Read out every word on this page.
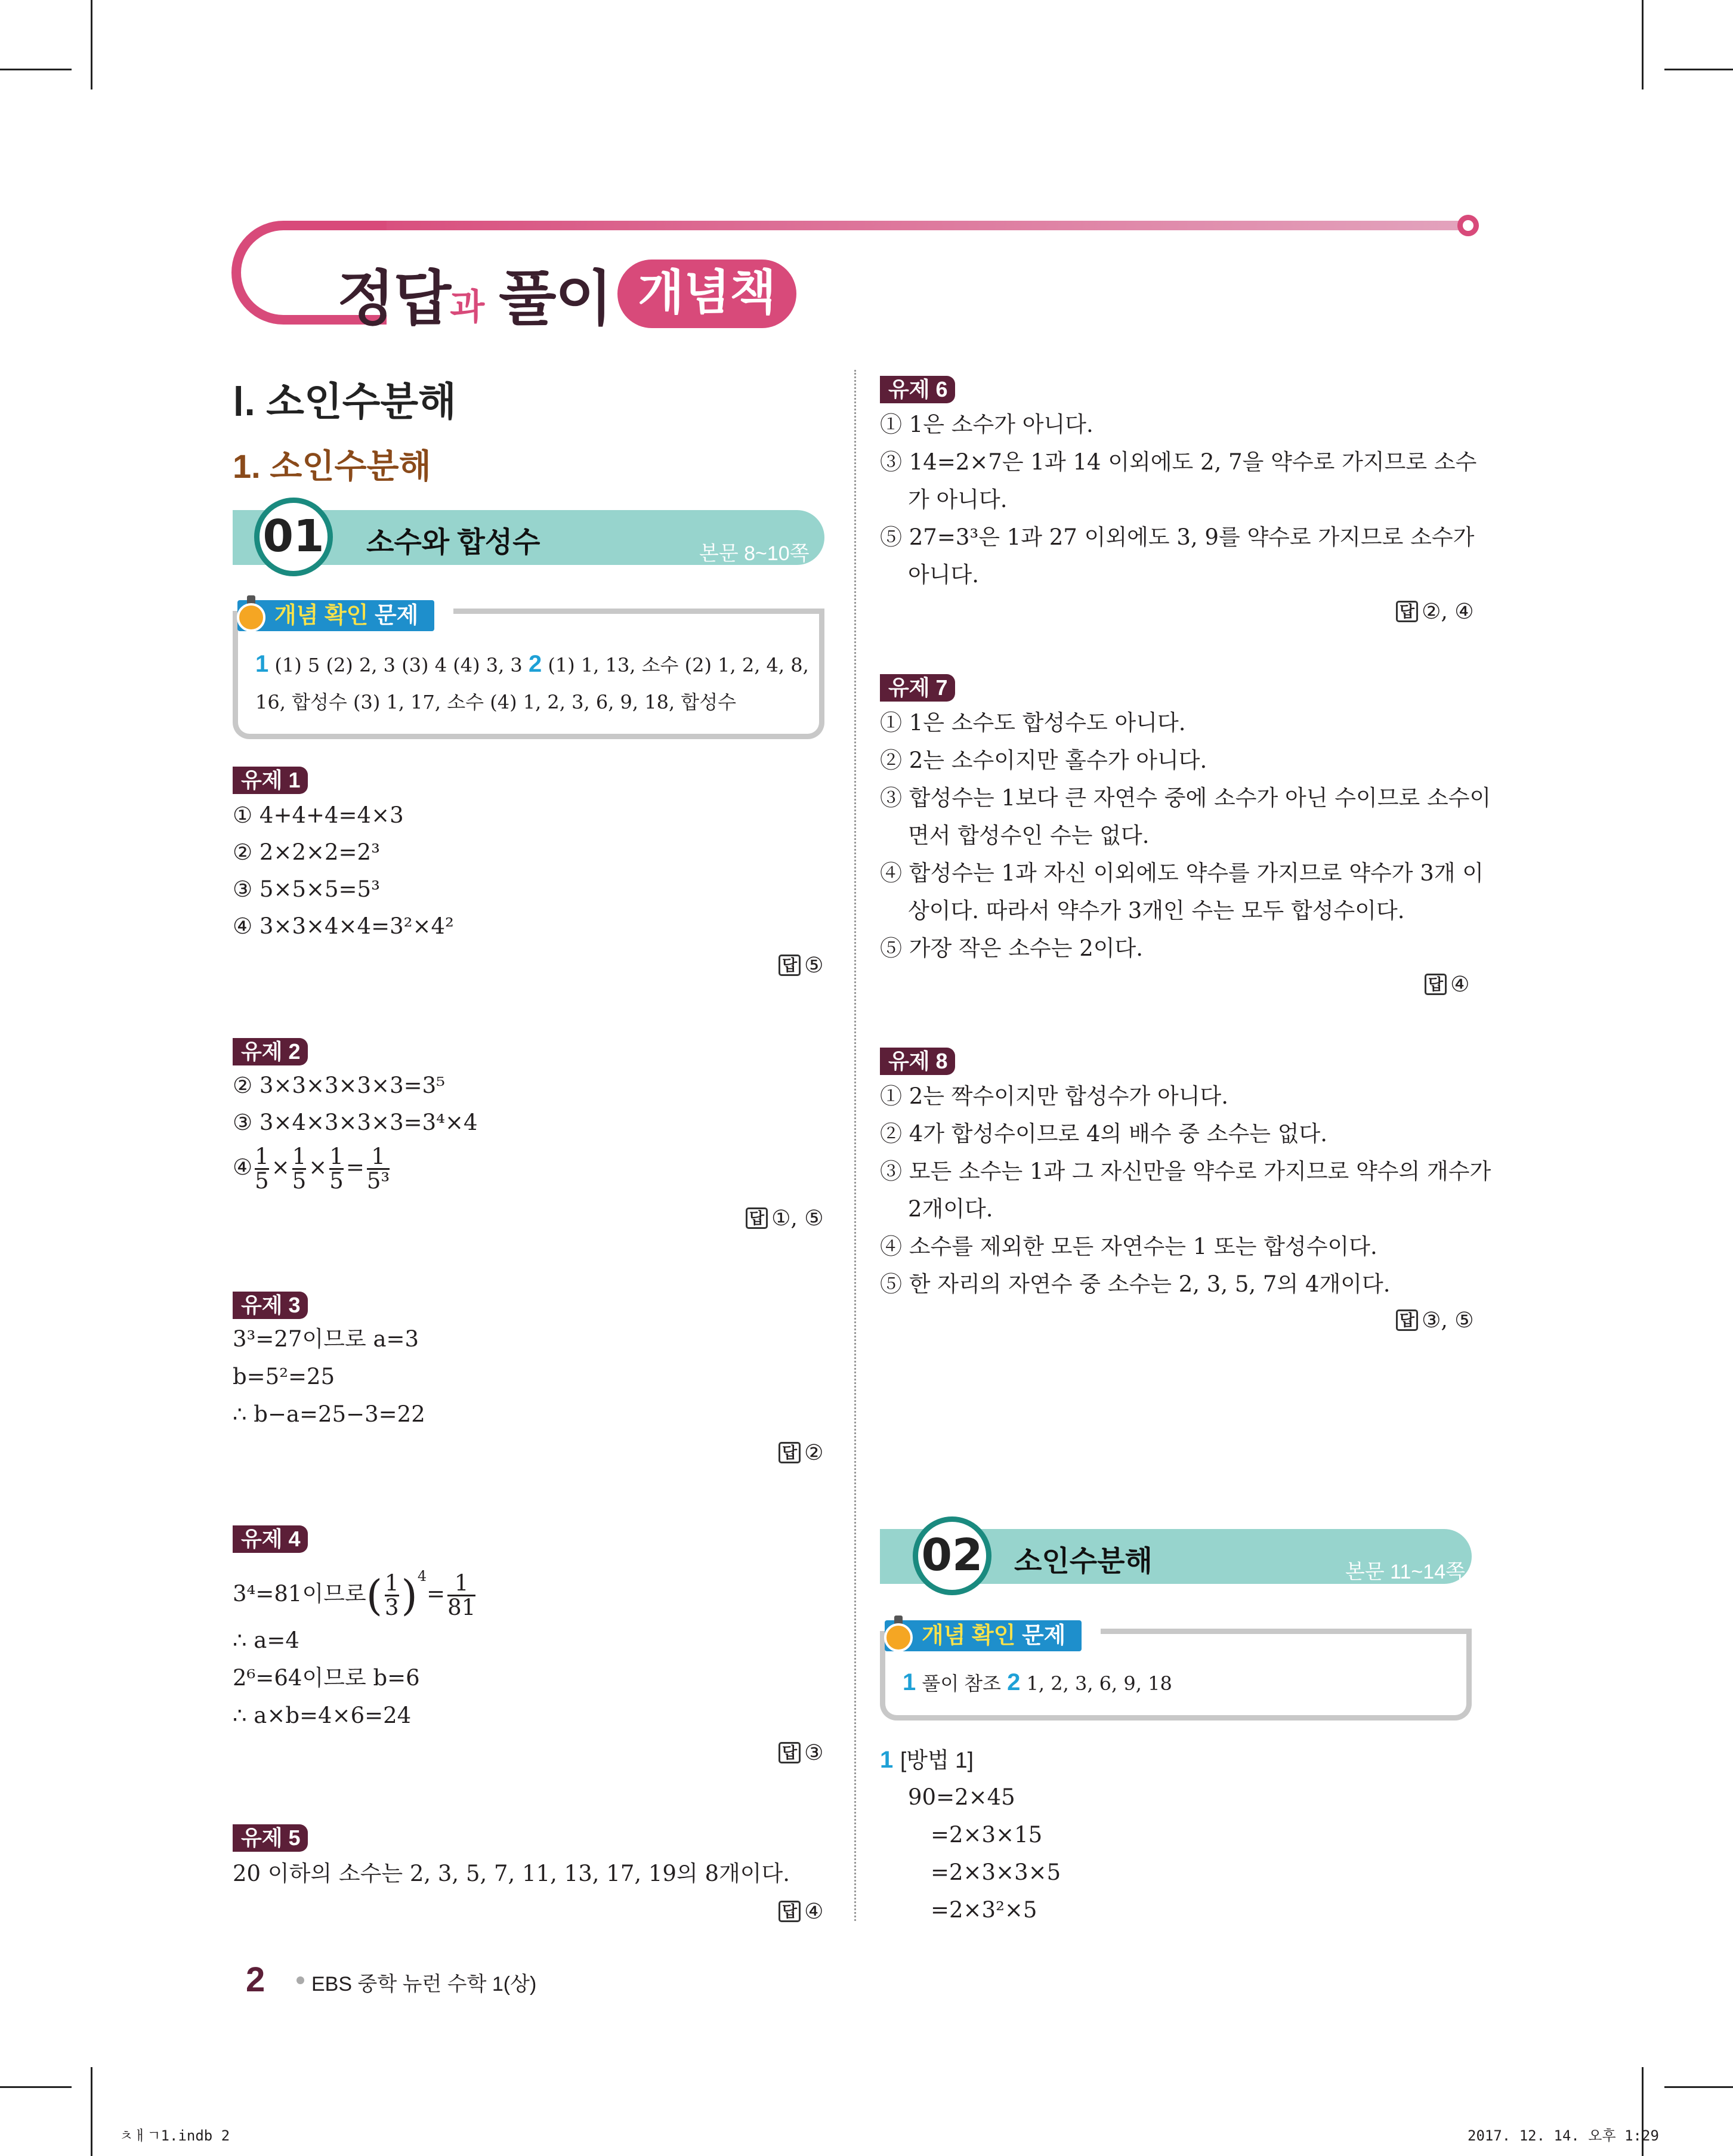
정답과 풀이 개념책
Ⅰ. 소인수분해
1. 소인수분해
01	소수와 합성수	본문 8~10쪽
개념 확인 문제
1 (1) 5 (2) 2, 3 (3) 4 (4) 3, 3 2 (1) 1, 13, 소수 (2) 1, 2, 4, 8,
16, 합성수 (3) 1, 17, 소수 (4) 1, 2, 3, 6, 9, 18, 합성수
유제 1
① 4+4+4=4×3
② 2×2×2=2³
③ 5×5×5=5³
④ 3×3×4×4=3²×4²
답 ⑤
유제 2
② 3×3×3×3×3=3⁵
③ 3×4×3×3×3=3⁴×4
④ $\frac{1}{5} \times \frac{1}{5} \times \frac{1}{5} = \frac{1}{\text{5³}}$
답 ①, ⑤
유제 3
3³=27이므로 a=3
b=5²=25
∴ b−a=25−3=22
답 ②
유제 4
3⁴=81이므로( $\frac{1}{3} )^4= \frac{1}{81}$
∴ a=4
2⁶=64이므로 b=6
∴ a×b=4×6=24
답 ③
유제 5
20 이하의 소수는 2, 3, 5, 7, 11, 13, 17, 19의 8개이다.
답 ④
유제 6
① 1은 소수가 아니다.
③ 14=2×7은 1과 14 이외에도 2, 7을 약수로 가지므로 소수
가 아니다.
⑤ 27=3³은 1과 27 이외에도 3, 9를 약수로 가지므로 소수가
아니다.
답 ②, ④
유제 7
① 1은 소수도 합성수도 아니다.
② 2는 소수이지만 홀수가 아니다.
③ 합성수는 1보다 큰 자연수 중에 소수가 아닌 수이므로 소수이
면서 합성수인 수는 없다.
④ 합성수는 1과 자신 이외에도 약수를 가지므로 약수가 3개 이
상이다. 따라서 약수가 3개인 수는 모두 합성수이다.
⑤ 가장 작은 소수는 2이다.
답 ④
유제 8
① 2는 짝수이지만 합성수가 아니다.
② 4가 합성수이므로 4의 배수 중 소수는 없다.
③ 모든 소수는 1과 그 자신만을 약수로 가지므로 약수의 개수가
2개이다.
④ 소수를 제외한 모든 자연수는 1 또는 합성수이다.
⑤ 한 자리의 자연수 중 소수는 2, 3, 5, 7의 4개이다.
답 ③, ⑤
02	소인수분해	본문 11~14쪽
개념 확인 문제
1 풀이 참조 2 1, 2, 3, 6, 9, 18
1 [방법 1]
90=2×45
=2×3×15
=2×3×3×5
=2×3²×5
2 EBS 중학 뉴런 수학 1(상)
ㅊㅐㄱ1.indb 2	2017. 12. 14. 오후 1:29
